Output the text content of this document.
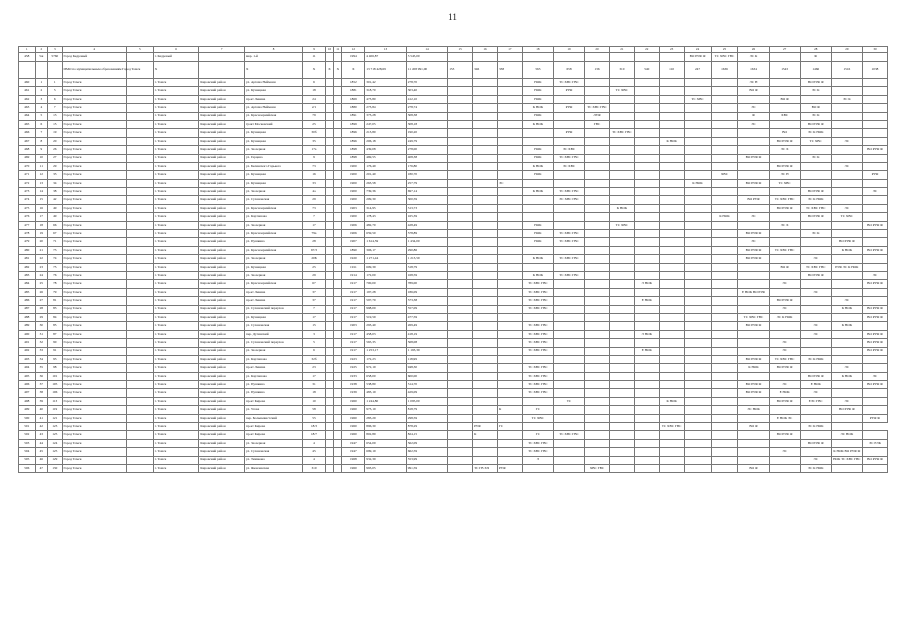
11
1	2	3	4	5	6	7	8	9	10	11	12	13	14	15	16	17	18	19	20	21	22	23	24	25	26	27	28	29	30
458	5ж	5760	Город Кедровый		г. Кедровый		мкр. 1-й	11			1994	4 406,87	3 545,00										ВО РУФ Ф	ТС ХВС ГВС	ЭС К		Ф		
			ИМО по муниципальным образованиям Город Томск		Х		Х	Х	Х	Х	Х	13 718 428,69	11 458 991,00	153	346	338	563	658	136	310	540	110	247	1636	1634	1543	1466	1516	1038
460	1	1	Город Томск		г. Томск	Кировский район	ул. Артема Нейманн	6			1852	301,42	278,70				НОК	ТС ХВС ГВС							ЭС Н		ВО РУФ Ф		
461	2	5	Город Томск		г. Томск	Кировский район	ул. Кузнецкая	18			1881	318,70	303,40				НОК	РУФ		ТС ХВС					ВО Ф		ЭС К		
462	3	6	Город Томск		г. Томск	Кировский район	пр-кт Ленина	24			1869	473,80	412,10				НОК						ТС ХВС			ВО Ф		ЭС К	
463	4	7	Город Томск		г. Томск	Кировский район	ул. Артема Нейманн	2/1			1880	273,84	278,74				К НОК	РУФ	ТС ХВС ГВС						ЭС		ВО Ф		
464	5	13	Город Томск		г. Томск	Кировский район	ул. Красноармейская	79			1891	373,28	308,38				НОК		ЛУФ						Ф	ХВС	ЭС К		
465	6	15	Город Томск		г. Томск	Кировский район	тракт Московский	25			1899	247,05	308,18				К НОК		ГВС						ЭС		ВО РУФ Ф		
466	7	19	Город Томск		г. Томск	Кировский район	ул. Кузнецкая	30б			1896	213,80	190,20					РУФ		ТС ХВС ГВС						ВО	ЭС К НОК		
467	8	20	Город Томск		г. Томск	Кировский район	ул. Кузнецкая	35			1896	206,18	249,79									К НОК				ВО РУФ Ф	ТС ХВС	ЭС	
468	9	26	Город Томск		г. Томск	Кировский район	ул. Заозерная	17а			1898	439,08	278,00				НОК	ЭС ХВС								ЭС Х			ВО РУФ Ф
469	10	27	Город Томск		г. Томск	Кировский район	ул. Герцена	9			1898	469,55	408,38				НОК	ТС ХВС ГВС							ВО РУФ Ф		ЭС К		
470	11	29	Город Томск		г. Томск	Кировский район	ул. Белинского Горького	73			1900	176,49	176,80				К НОК	ЭС ХВС								ВО РУФ Ф		ЭС	
471	12	33	Город Томск		г. Томск	Кировский район	ул. Кузнецкая	16			1900	201,40	180,70				НОК							ХВС		ЭС Н			РУФ
472	13	34	Город Томск		г. Томск	Кировский район	ул. Кузнецкая	33			1900	263,58	257,79			ЭС							К НОК		ВО РУФ Ф	ТС ХВС			
473	14	38	Город Томск		г. Томск	Кировский район	ул. Заозерная	4а			1900	739,36	697,14				К НОК	ТС ХВС ГВС									ВО РУФ Ф		ЭС
474	15	42	Город Томск		г. Томск	Кировский район	ул. Сухановская	29			1900	209,30	300,59					ЭС ХВС ГВС							ВО РУФ	ТС ХВС ГВС	ЭС К НОК		
475	16	49	Город Томск		г. Томск	Кировский район	ул. Красноармейская	73			1903	314,95	313,73							К НОК						ВО РУФ Ф	ТС ХВС ГВС	ЭС	
476	17	49	Город Томск		г. Томск	Кировский район	ул. Карташова	7			1900	178,43	165,39											К НОК	ЭС		ВО РУФ Ф	ТС ХВС	
477	18	66	Город Томск		г. Томск	Кировский район	ул. Заозерная	17			1906	482,70	428,49				НОК			ТС ХВС						ЭС Х			ВО РУФ Ф
478	19	67	Город Томск		г. Томск	Кировский район	ул. Красноармейская	79а			1906	659,50	578,89				НОК	ТС ХВС ГВС							ВО РУФ Ф		ЭС К		
479	20	71	Город Томск		г. Томск	Кировский район	ул. Пушкина	28			1907	1 614,59	1 434,00				НОК	ТС ХВС ГВС							ЭС			ВО РУФ Ф	
480	21	73	Город Томск		г. Томск	Кировский район	ул. Красноармейская	67/3			1890	306,17	290,86												ВО РУФ Ф	ТС ХВС ГВС		К НОК	ВО РУФ Ф
481	22	74	Город Томск		г. Томск	Кировский район	ул. Заозерная	20Б			1920	1 271,44	1 213,59				К НОК	ТС ХВС ГВС							ВО РУФ Ф		ЭС		
482	23	75	Город Томск		г. Томск	Кировский район	ул. Кузнецкая	25			1911	609,39	318,79													ВО Ф	ТС ХВС ГВС	РУФ ЭС К НОК	
483	24	76	Город Томск		г. Томск	Кировский район	ул. Заозерная	29			1914	172,00	168,59				К НОК	ТС ХВС ГВС									ВО РУФ Ф		ЭС
484	25	78	Город Томск		г. Томск	Кировский район	ул. Красноармейская	67			1917	700,00	789,00				ТС ХВС ГВС				Э НОК					ЭС			ВО РУФ Ф
485	26	79	Город Томск		г. Томск	Кировский район	пр-кт Ленина	37			1917	197,28	186,09				ТС ХВС ГВС								Е НОК ВО РУФ		ЭС		
486	27	81	Город Томск		г. Томск	Кировский район	пр-кт Ленина	37			1917	597,79	573,38				ТС ХВС ГВС				Е НОК					ВО РУФ Ф		ЭС	
487	28	83	Город Томск		г. Томск	Кировский район	ул. Сухановский переулок	7			1917	998,09	557,09				ТС ХВС ГВС									ЭС		К НОК	ВО РУФ Ф
488	29	84	Город Томск		г. Томск	Кировский район	ул. Кузнецкая	17			1917	519,59	477,59												ТС ХВС ГВС	ЭС К НОК			ВО РУФ Ф
489	30	85	Город Томск		г. Томск	Кировский район	ул. Сухановская	15			1903	293,40	269,49				ТС ХВС ГВС								ВО РУФ Ф		ЭС	К НОК	
490	31	87	Город Томск		г. Томск	Кировский район	пер. Дугинский	3			1917	458,03	418,19				ТС ХВС ГВС				Э НОК						ЭС		ВО РУФ Ф
491	32	90	Город Томск		г. Томск	Кировский район	ул. Сухановский переулок	5			1917	565,35	568,08				ТС ХВС ГВС									ЭС			ВО РУФ Ф
492	33	91	Город Томск		г. Томск	Кировский район	ул. Заозерная	6			1917	1 253,17	1 193,39				ТС ХВС ГВС				Е НОК					ЭС			ВО РУФ Ф
493	34	93	Город Томск		г. Томск	Кировский район	ул. Карташова	32б			1923	172,23	118,99												ВО РУФ Ф	ТС ХВС ГВС	ЭС К НОК		
494	35	98	Город Томск		г. Томск	Кировский район	пр-кт Ленина	23			1925	972,19	948,30				ТС ХВС ГВС								К НОК	ВО РУФ Ф		ЭС	
495	36	101	Город Томск		г. Томск	Кировский район	ул. Карташова	17			1933	658,00	600,00				ТС ХВС ГВС										ВО РУФ Ф	К НОК	ЭС
496	37	105	Город Томск		г. Томск	Кировский район	ул. Пушкина	31			1938	538,80	514,70				ТС ХВС ГВС								ВО РУФ Ф	ЭС	Е НОК		ВО РУФ Ф
497	38	106	Город Томск		г. Томск	Кировский район	ул. Пушкина	18			1939	483,19	429,09				ТС ХВС ГВС								ВО РУФ Ф	Е НОК	ЭС		
498	39	113	Город Томск		г. Томск	Кировский район	пр-кт Кирова	10			1960	1 244,80	1 095,00					ТС				К НОК				ВО РУФ Ф	ЕЭС ГВС	ЭС	
499	40	119	Город Томск		г. Томск	Кировский район	ул. Усова	58			1960	973,19	818,79			К	ГС								ЭС НОК			ВО РУФ Ф	
500	41	121	Город Томск		г. Томск	Кировский район	пер. Большевистский	55			1960	283,29	298,59				ТС ХВС									Е НОК ЭС			РУФ Ф
501	42	123	Город Томск		г. Томск	Кировский район	пр-кт Кирова	18/3			1960	896,30	878,29		РУФ	ГС						ТС ХВС ГВС			ВО Ф		ЭС К НОК		
502	43	125	Город Томск		г. Томск	Кировский район	пр-кт Кирова	18/7			1960	802,89	824,15		К		ГС	ТС ХВС ГВС								ВО РУФ Ф		ЭС НОК	
503	44	124	Город Томск		г. Томск	Кировский район	ул. Заозерная	4			1947	654,09	562,09				ТС ХВС ГВС										ВО РУФ Ф		ЭС ЕЭК
504	45	125	Город Томск		г. Томск	Кировский район	ул. Сухановская	45			1947	699,19	662,59				ТС ХВС ГВС									ЭС		К НОК ВО РУФ Ф	
505	46	129	Город Томск		г. Томск	Кировский район	ул. Тимакова	4			1968	932,39	553,99				Э										ЭС	НОК ТС ХВС ГВС	ВО РУФ Ф
506	47	130	Город Томск		г. Томск	Кировский район	ул. Яковлевская	310			1960	993,05	991,59		ТС ГВ ХЧ	РУФ			ХВС ГВС						ВО Ф		ЭС К НОК		
